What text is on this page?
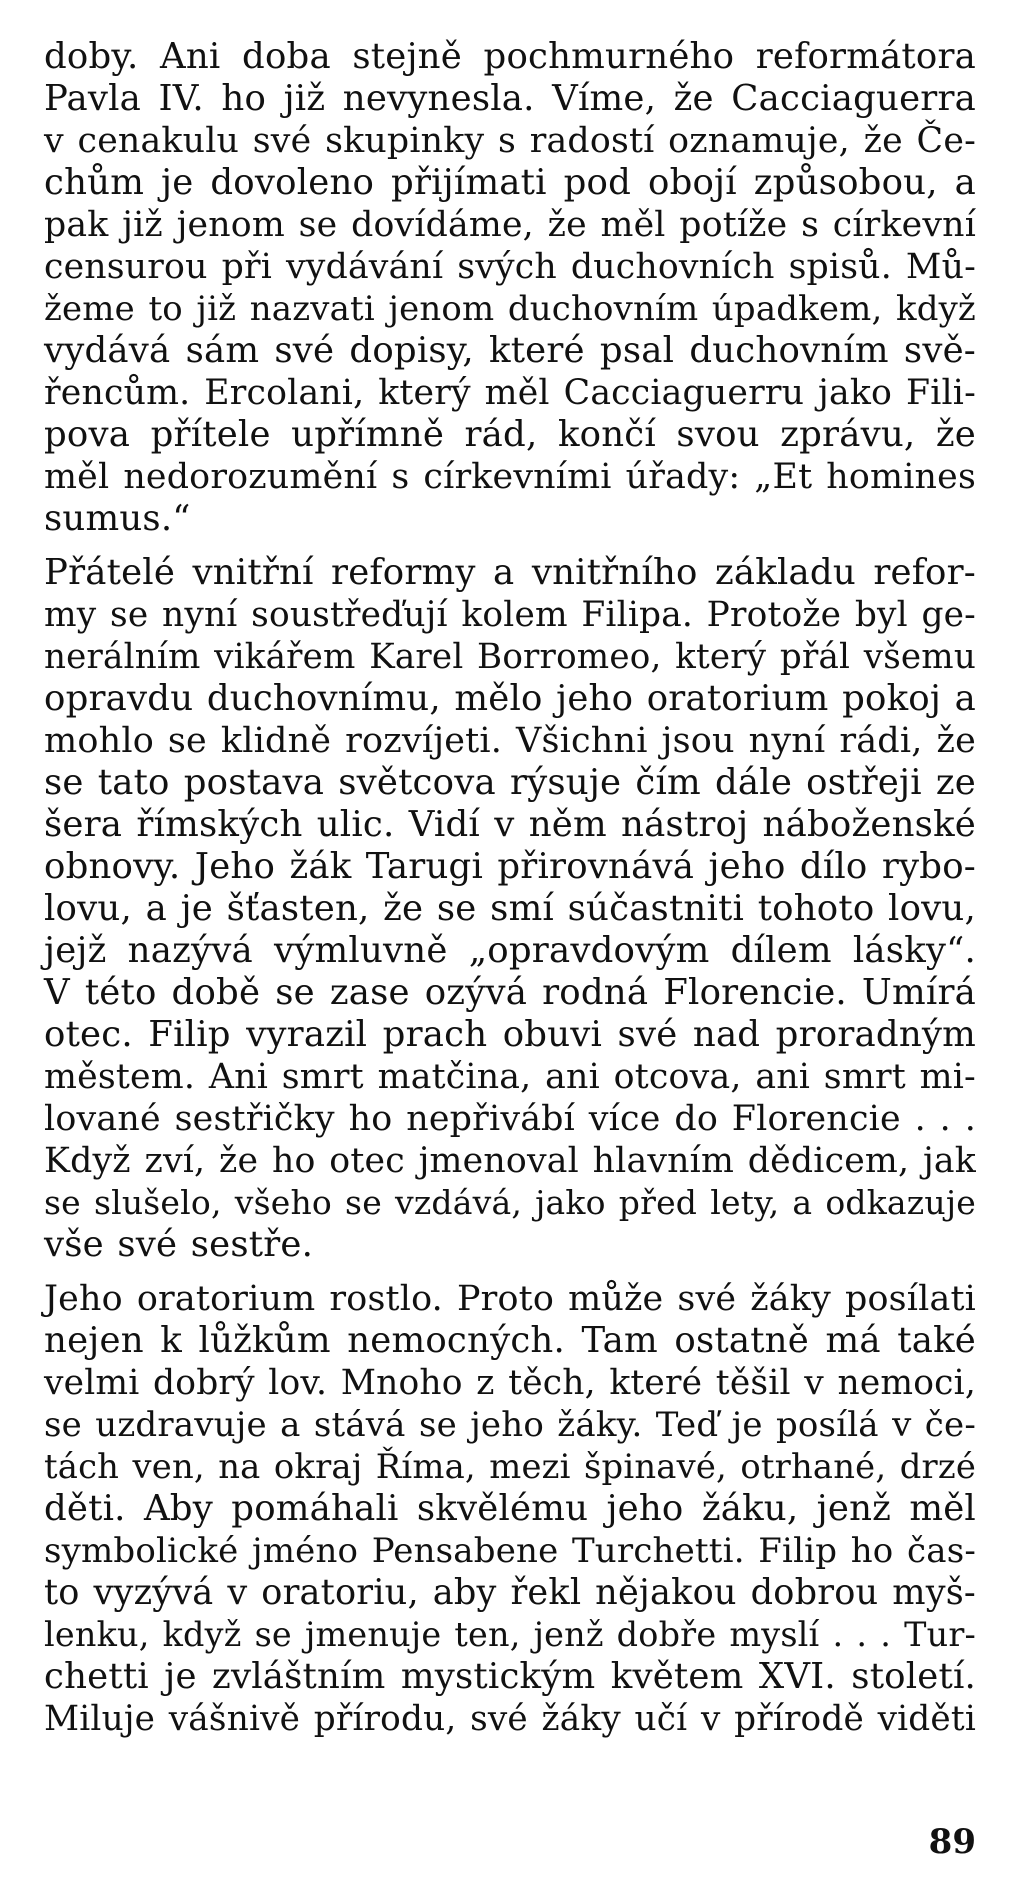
doby. Ani doba stejně pochmurného reformátora
Pavla IV. ho již nevynesla. Víme, že Cacciaguerra
v cenakulu své skupinky s radostí oznamuje, že Če-
chům je dovoleno přijímati pod obojí způsobou, a
pak již jenom se dovídáme, že měl potíže s církevní
censurou při vydávání svých duchovních spisů. Mů-
žeme to již nazvati jenom duchovním úpadkem, když
vydává sám své dopisy, které psal duchovním svě-
řencům. Ercolani, který měl Cacciaguerru jako Fili-
pova přítele upřímně rád, končí svou zprávu, že
měl nedorozumění s církevními úřady: „Et homines
sumus.“
Přátelé vnitřní reformy a vnitřního základu refor-
my se nyní soustřeďují kolem Filipa. Protože byl ge-
nerálním vikářem Karel Borromeo, který přál všemu
opravdu duchovnímu, mělo jeho oratorium pokoj a
mohlo se klidně rozvíjeti. Všichni jsou nyní rádi, že
se tato postava světcova rýsuje čím dále ostřeji ze
šera římských ulic. Vidí v něm nástroj náboženské
obnovy. Jeho žák Tarugi přirovnává jeho dílo rybo-
lovu, a je šťasten, že se smí súčastniti tohoto lovu,
jejž nazývá výmluvně „opravdovým dílem lásky“.
V této době se zase ozývá rodná Florencie. Umírá
otec. Filip vyrazil prach obuvi své nad proradným
městem. Ani smrt matčina, ani otcova, ani smrt mi-
lované sestřičky ho nepřivábí více do Florencie . . .
Když zví, že ho otec jmenoval hlavním dědicem, jak
se slušelo, všeho se vzdává, jako před lety, a odkazuje
vše své sestře.
Jeho oratorium rostlo. Proto může své žáky posílati
nejen k lůžkům nemocných. Tam ostatně má také
velmi dobrý lov. Mnoho z těch, které těšil v nemoci,
se uzdravuje a stává se jeho žáky. Teď je posílá v če-
tách ven, na okraj Říma, mezi špinavé, otrhané, drzé
děti. Aby pomáhali skvělému jeho žáku, jenž měl
symbolické jméno Pensabene Turchetti. Filip ho čas-
to vyzývá v oratoriu, aby řekl nějakou dobrou myš-
lenku, když se jmenuje ten, jenž dobře myslí . . . Tur-
chetti je zvláštním mystickým květem XVI. století.
Miluje vášnivě přírodu, své žáky učí v přírodě viděti
89
